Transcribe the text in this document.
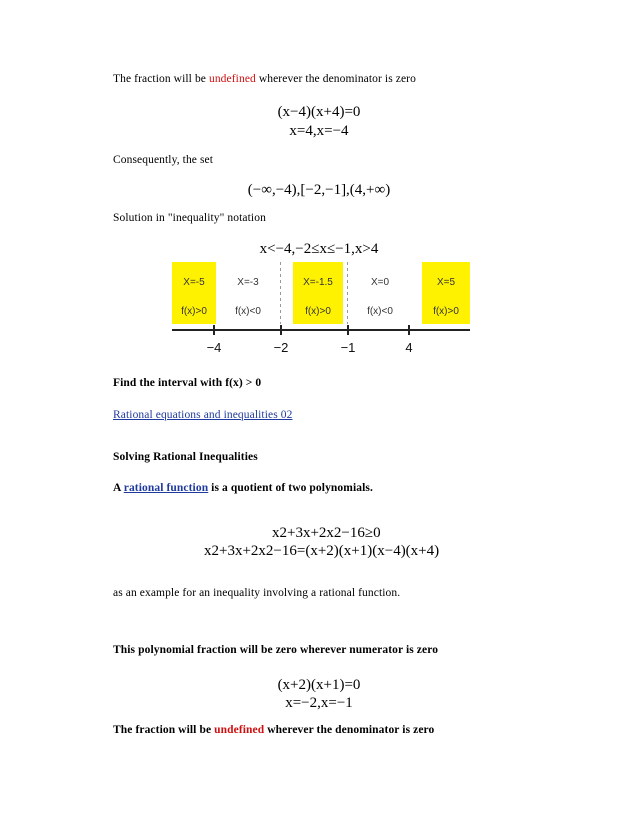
The fraction will be undefined wherever the denominator is zero
(x−4)(x+4)=0
x=4,x=−4
Consequently, the set
(−∞,−4),[−2,−1],(4,+∞)
Solution in "inequality" notation
x<−4,−2≤x≤−1,x>4
X=-5	X=-3	X=-1.5	X=0	X=5
f(x)>0	f(x)<0	f(x)>0	f(x)<0	f(x)>0
−4	−2	−1	4
Find the interval with f(x) > 0
Rational equations and inequalities 02
Solving Rational Inequalities
A rational function is a quotient of two polynomials.
x2+3x+2x2−16≥0
x2+3x+2x2−16=(x+2)(x+1)(x−4)(x+4)
as an example for an inequality involving a rational function.
This polynomial fraction will be zero wherever numerator is zero
(x+2)(x+1)=0
x=−2,x=−1
The fraction will be undefined wherever the denominator is zero
